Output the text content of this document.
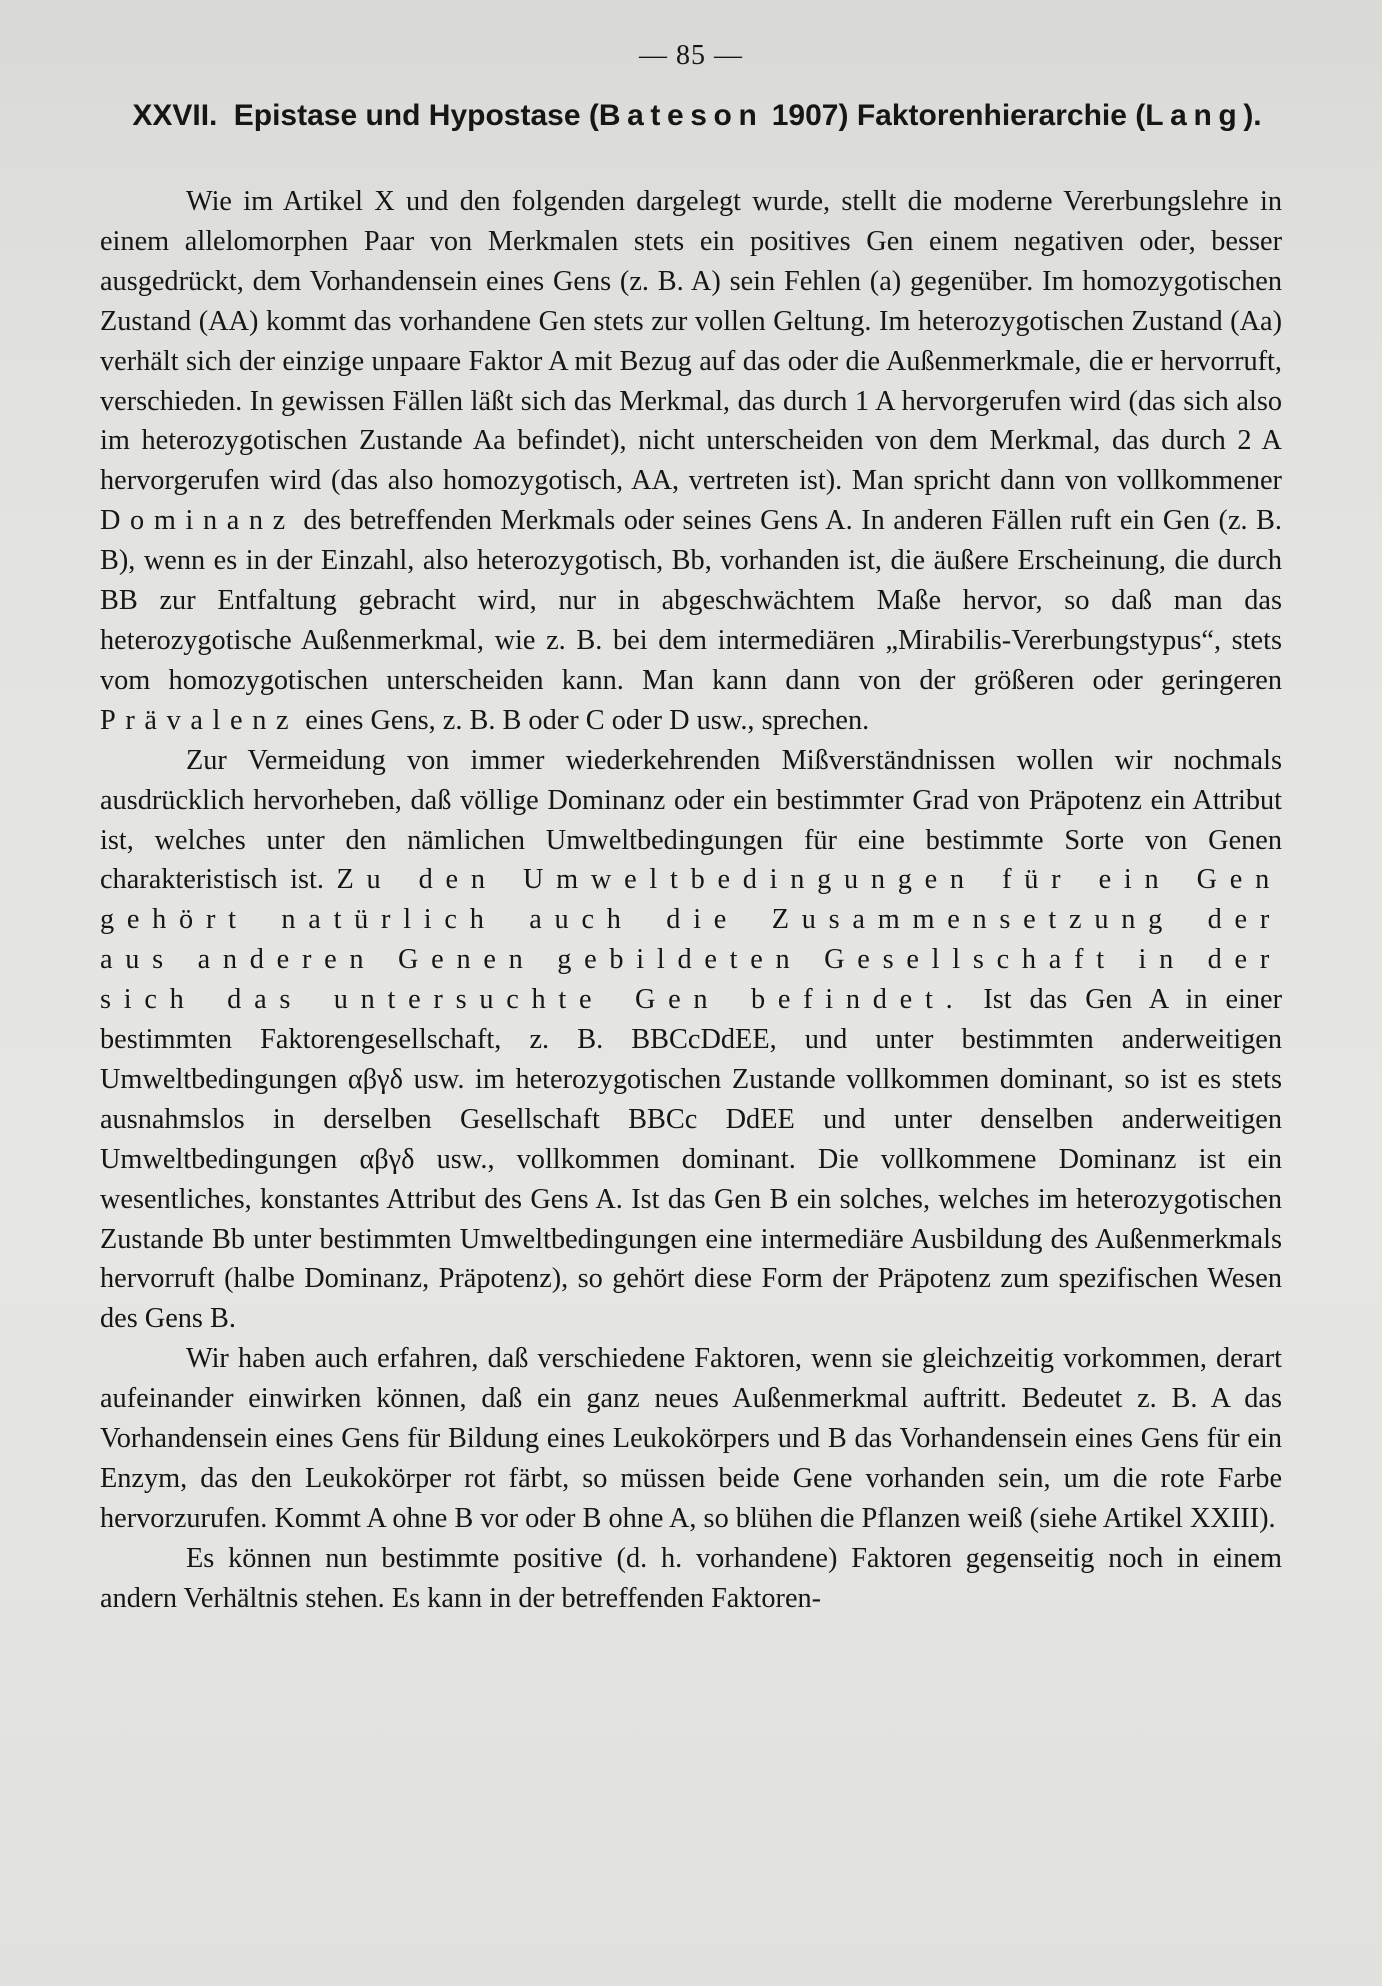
— 85 —
XXVII. Epistase und Hypostase (Bateson 1907) Faktorenhierarchie (Lang).

Wie im Artikel X und den folgenden dargelegt wurde, stellt die moderne Vererbungslehre in einem allelomorphen Paar von Merkmalen stets ein positives Gen einem negativen oder, besser ausgedrückt, dem Vorhandensein eines Gens (z. B. A) sein Fehlen (a) gegenüber. Im homozygotischen Zustand (AA) kommt das vorhandene Gen stets zur vollen Geltung. Im heterozygotischen Zustand (Aa) verhält sich der einzige unpaare Faktor A mit Bezug auf das oder die Außenmerkmale, die er hervorruft, verschieden. In gewissen Fällen läßt sich das Merkmal, das durch 1 A hervorgerufen wird (das sich also im heterozygotischen Zustande Aa befindet), nicht unterscheiden von dem Merkmal, das durch 2 A hervorgerufen wird (das also homozygotisch, AA, vertreten ist). Man spricht dann von vollkommener Dominanz des betreffenden Merkmals oder seines Gens A. In anderen Fällen ruft ein Gen (z. B. B), wenn es in der Einzahl, also heterozygotisch, Bb, vorhanden ist, die äußere Erscheinung, die durch BB zur Entfaltung gebracht wird, nur in abgeschwächtem Maße hervor, so daß man das heterozygotische Außenmerkmal, wie z. B. bei dem intermediären „Mirabilis-Vererbungstypus“, stets vom homozygotischen unterscheiden kann. Man kann dann von der größeren oder geringeren Prävalenz eines Gens, z. B. B oder C oder D usw., sprechen.

Zur Vermeidung von immer wiederkehrenden Mißverständnissen wollen wir nochmals ausdrücklich hervorheben, daß völlige Dominanz oder ein bestimmter Grad von Präpotenz ein Attribut ist, welches unter den nämlichen Umweltbedingungen für eine bestimmte Sorte von Genen charakteristisch ist. Zu den Umweltbedingungen für ein Gen gehört natürlich auch die Zusammensetzung der aus anderen Genen gebildeten Gesellschaft in der sich das untersuchte Gen befindet. Ist das Gen A in einer bestimmten Faktorengesellschaft, z. B. BBCcDdEE, und unter bestimmten anderweitigen Umweltbedingungen αβγδ usw. im heterozygotischen Zustande vollkommen dominant, so ist es stets ausnahmslos in derselben Gesellschaft BBCc DdEE und unter denselben anderweitigen Umweltbedingungen αβγδ usw., vollkommen dominant. Die vollkommene Dominanz ist ein wesentliches, konstantes Attribut des Gens A. Ist das Gen B ein solches, welches im heterozygotischen Zustande Bb unter bestimmten Umweltbedingungen eine intermediäre Ausbildung des Außenmerkmals hervorruft (halbe Dominanz, Präpotenz), so gehört diese Form der Präpotenz zum spezifischen Wesen des Gens B.

Wir haben auch erfahren, daß verschiedene Faktoren, wenn sie gleichzeitig vorkommen, derart aufeinander einwirken können, daß ein ganz neues Außenmerkmal auftritt. Bedeutet z. B. A das Vorhandensein eines Gens für Bildung eines Leukokörpers und B das Vorhandensein eines Gens für ein Enzym, das den Leukokörper rot färbt, so müssen beide Gene vorhanden sein, um die rote Farbe hervorzurufen. Kommt A ohne B vor oder B ohne A, so blühen die Pflanzen weiß (siehe Artikel XXIII).

Es können nun bestimmte positive (d. h. vorhandene) Faktoren gegenseitig noch in einem andern Verhältnis stehen. Es kann in der betreffenden Faktoren-
